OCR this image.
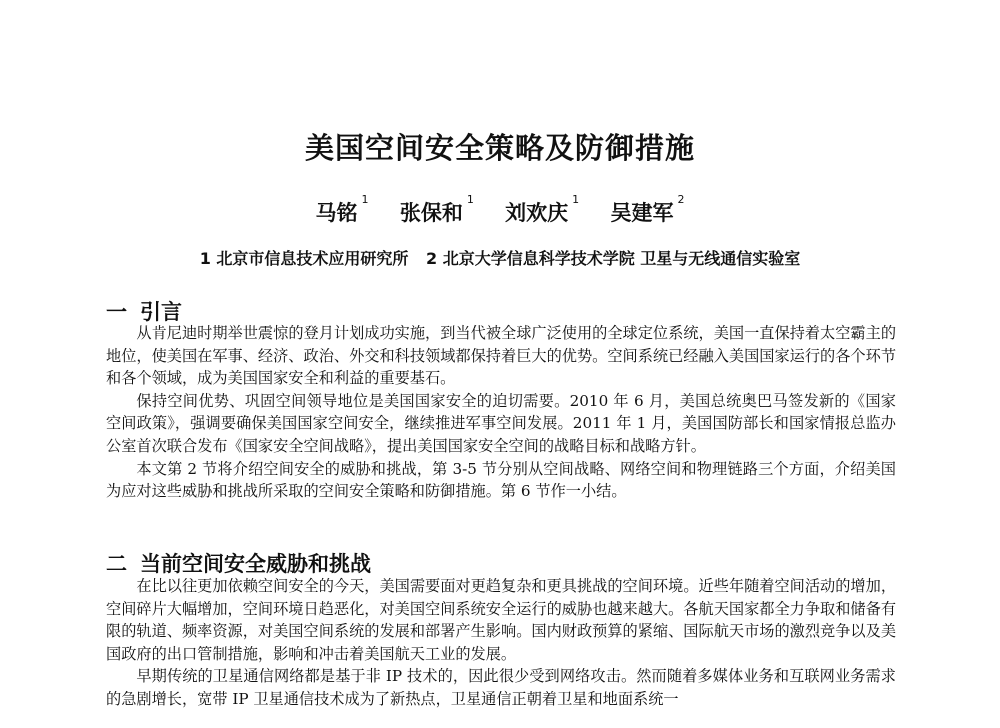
美国空间安全策略及防御措施
马铭$^1$ 张保和$^1$ 刘欢庆$^1$ 吴建军$^2$
1 北京市信息技术应用研究所 2 北京大学信息科学技术学院 卫星与无线通信实验室
一 引言

从肯尼迪时期举世震惊的登月计划成功实施，到当代被全球广泛使用的全球定位系统，美国一直保持着太空霸主的地位，使美国在军事、经济、政治、外交和科技领域都保持着巨大的优势。空间系统已经融入美国国家运行的各个环节和各个领域，成为美国国家安全和利益的重要基石。

保持空间优势、巩固空间领导地位是美国国家安全的迫切需要。2010 年 6 月，美国总统奥巴马签发新的《国家空间政策》，强调要确保美国国家空间安全，继续推进军事空间发展。2011 年 1 月，美国国防部长和国家情报总监办公室首次联合发布《国家安全空间战略》，提出美国国家安全空间的战略目标和战略方针。

本文第 2 节将介绍空间安全的威胁和挑战，第 3-5 节分别从空间战略、网络空间和物理链路三个方面，介绍美国为应对这些威胁和挑战所采取的空间安全策略和防御措施。第 6 节作一小结。

二 当前空间安全威胁和挑战

在比以往更加依赖空间安全的今天，美国需要面对更趋复杂和更具挑战的空间环境。近些年随着空间活动的增加，空间碎片大幅增加，空间环境日趋恶化，对美国空间系统安全运行的威胁也越来越大。各航天国家都全力争取和储备有限的轨道、频率资源，对美国空间系统的发展和部署产生影响。国内财政预算的紧缩、国际航天市场的激烈竞争以及美国政府的出口管制措施，影响和冲击着美国航天工业的发展。

早期传统的卫星通信网络都是基于非 IP 技术的，因此很少受到网络攻击。然而随着多媒体业务和互联网业务需求的急剧增长，宽带 IP 卫星通信技术成为了新热点，卫星通信正朝着卫星和地面系统一
